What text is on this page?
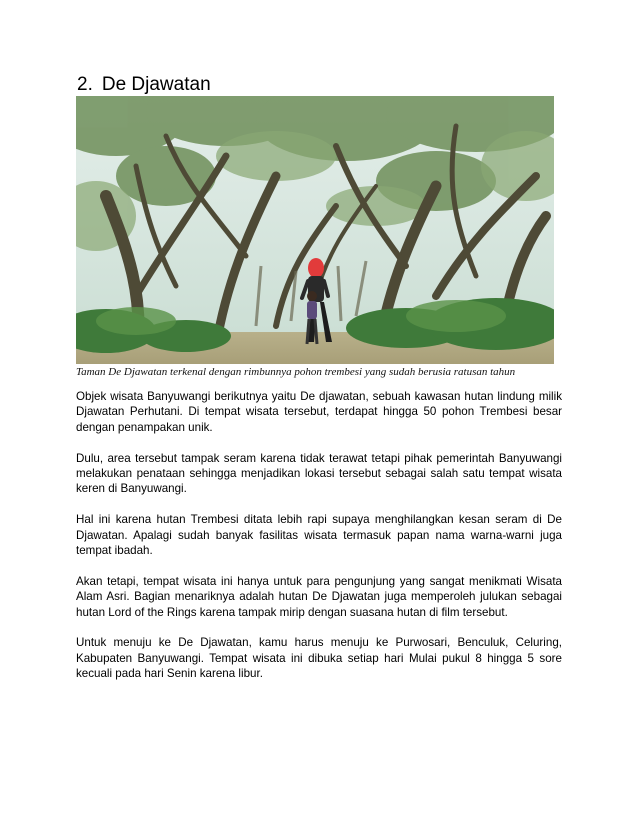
2. De Djawatan
Taman De Djawatan terkenal dengan rimbunnya pohon trembesi yang sudah berusia ratusan tahun

Objek wisata Banyuwangi berikutnya yaitu De djawatan, sebuah kawasan hutan lindung milik Djawatan Perhutani. Di tempat wisata tersebut, terdapat hingga 50 pohon Trembesi besar dengan penampakan unik.

Dulu, area tersebut tampak seram karena tidak terawat tetapi pihak pemerintah Banyuwangi melakukan penataan sehingga menjadikan lokasi tersebut sebagai salah satu tempat wisata keren di Banyuwangi.

Hal ini karena hutan Trembesi ditata lebih rapi supaya menghilangkan kesan seram di De Djawatan. Apalagi sudah banyak fasilitas wisata termasuk papan nama warna-warni juga tempat ibadah.

Akan tetapi, tempat wisata ini hanya untuk para pengunjung yang sangat menikmati Wisata Alam Asri. Bagian menariknya adalah hutan De Djawatan juga memperoleh julukan sebagai hutan Lord of the Rings karena tampak mirip dengan suasana hutan di film tersebut.

Untuk menuju ke De Djawatan, kamu harus menuju ke Purwosari, Benculuk, Celuring, Kabupaten Banyuwangi. Tempat wisata ini dibuka setiap hari Mulai pukul 8 hingga 5 sore kecuali pada hari Senin karena libur.
